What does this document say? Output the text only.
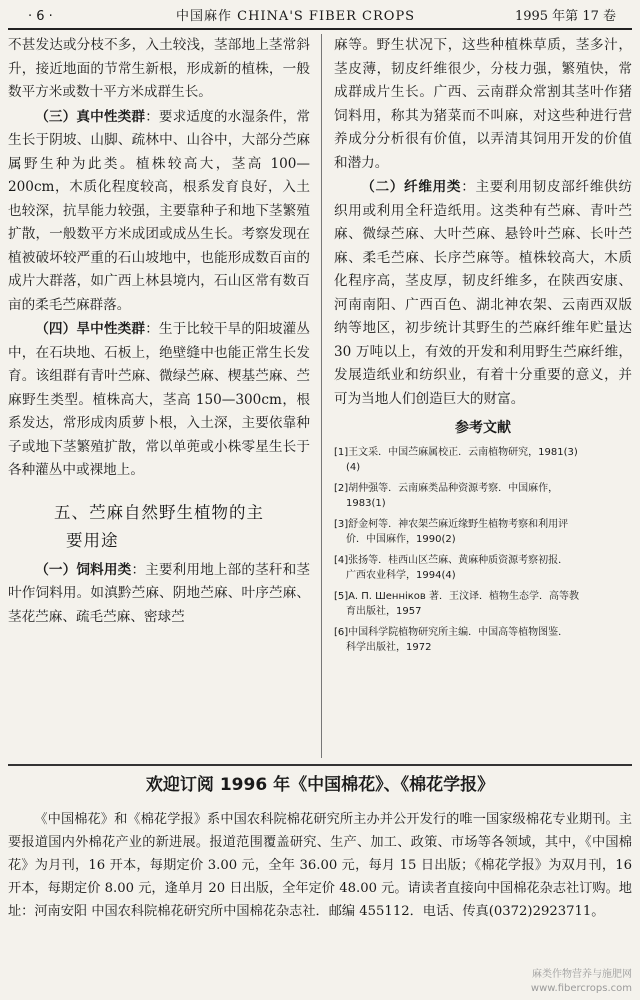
· 6 ·	中国麻作 CHINA'S FIBER CROPS	1995 年第 17 卷

不甚发达或分枝不多，入土较浅，茎部地上茎常斜升，接近地面的节常生新根，形成新的植株，一般数平方米或数十平方米成群生长。

（三）真中性类群：要求适度的水湿条件，常生长于阴坡、山脚、疏林中、山谷中，大部分苎麻属野生种为此类。植株较高大，茎高 100—200cm，木质化程度较高，根系发育良好，入土也较深，抗旱能力较强，主要靠种子和地下茎繁殖扩散，一般数平方米成团或成丛生长。考察发现在植被破坏较严重的石山坡地中，也能形成数百亩的成片大群落，如广西上林县境内，石山区常有数百亩的柔毛苎麻群落。

（四）旱中性类群：生于比较干旱的阳坡灌丛中，在石块地、石板上，绝壁缝中也能正常生长发育。该组群有青叶苎麻、微绿苎麻、楔基苎麻、苎麻野生类型。植株高大，茎高 150—300cm，根系发达，常形成肉质萝卜根，入土深，主要依靠种子或地下茎繁殖扩散，常以单蔸或小株零星生长于各种灌丛中或裸地上。

五、苎麻自然野生植物的主
要用途

（一）饲料用类：主要利用地上部的茎秆和茎叶作饲料用。如滇黔苎麻、阴地苎麻、叶序苎麻、茎花苎麻、疏毛苎麻、密球苎

麻等。野生状况下，这些种植株草质，茎多汁，茎皮薄，韧皮纤维很少，分枝力强，繁殖快，常成群成片生长。广西、云南群众常割其茎叶作猪饲料用，称其为猪菜而不叫麻，对这些种进行营养成分分析很有价值，以弄清其饲用开发的价值和潜力。

（二）纤维用类：主要利用韧皮部纤维供纺织用或利用全秆造纸用。这类种有苎麻、青叶苎麻、微绿苎麻、大叶苎麻、悬铃叶苎麻、长叶苎麻、柔毛苎麻、长序苎麻等。植株较高大，木质化程序高，茎皮厚，韧皮纤维多，在陕西安康、河南南阳、广西百色、湖北神农架、云南西双版纳等地区，初步统计其野生的苎麻纤维年贮量达 30 万吨以上，有效的开发和利用野生苎麻纤维，发展造纸业和纺织业，有着十分重要的意义，并可为当地人们创造巨大的财富。

参考文献
[1]王文采．中国苎麻属校正．云南植物研究，1981(3)
(4)
[2]胡仲强等．云南麻类品种资源考察．中国麻作，
1983(1)
[3]舒金柯等．神农架苎麻近缘野生植物考察和利用评
价．中国麻作，1990(2)
[4]张扬等．桂西山区苎麻、黄麻种质资源考察初报．
广西农业科学，1994(4)
[5]A. П. Шеннiков 著．王汶译．植物生态学．高等教
育出版社，1957
[6]中国科学院植物研究所主编．中国高等植物图鉴．
科学出版社，1972
欢迎订阅 1996 年《中国棉花》、《棉花学报》

《中国棉花》和《棉花学报》系中国农科院棉花研究所主办并公开发行的唯一国家级棉花专业期刊。主要报道国内外棉花产业的新进展。报道范围覆盖研究、生产、加工、政策、市场等各领域，其中，《中国棉花》为月刊，16 开本，每期定价 3.00 元，全年 36.00 元，每月 15 日出版；《棉花学报》为双月刊，16 开本，每期定价 8.00 元，逢单月 20 日出版，全年定价 48.00 元。请读者直接向中国棉花杂志社订购。地址：河南安阳 中国农科院棉花研究所中国棉花杂志社．邮编 455112．电话、传真(0372)2923711。

麻类作物营养与施肥网
www.fibercrops.com
